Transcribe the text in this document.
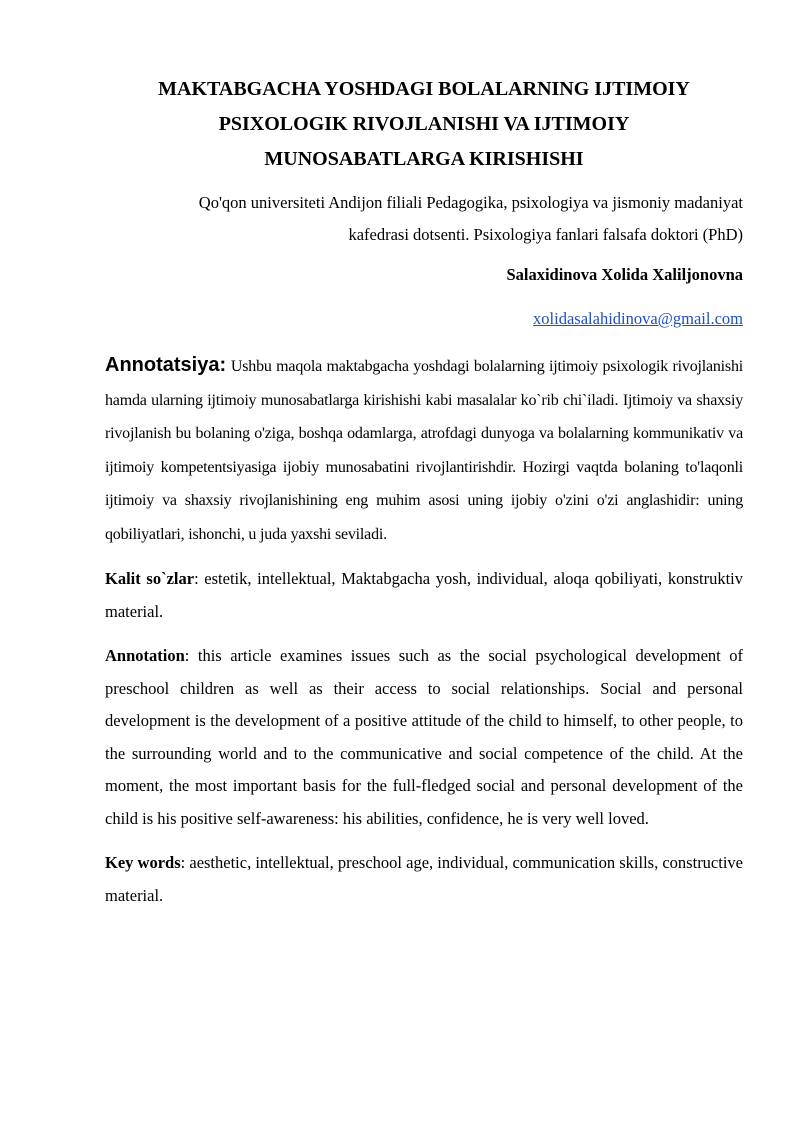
MAKTABGACHA YOSHDAGI BOLALARNING IJTIMOIY
PSIXOLOGIK RIVOJLANISHI VA IJTIMOIY
MUNOSABATLARGA KIRISHISHI

Qo'qon universiteti Andijon filiali Pedagogika, psixologiya va jismoniy madaniyat

kafedrasi dotsenti. Psixologiya fanlari falsafa doktori (PhD)

Salaxidinova Xolida Xaliljonovna

xolidasalahidinova@gmail.com

Annotatsiya: Ushbu maqola maktabgacha yoshdagi bolalarning ijtimoiy psixologik rivojlanishi hamda ularning ijtimoiy munosabatlarga kirishishi kabi masalalar ko`rib chi`iladi. Ijtimoiy va shaxsiy rivojlanish bu bolaning o'ziga, boshqa odamlarga, atrofdagi dunyoga va bolalarning kommunikativ va ijtimoiy kompetentsiyasiga ijobiy munosabatini rivojlantirishdir. Hozirgi vaqtda bolaning to'laqonli ijtimoiy va shaxsiy rivojlanishining eng muhim asosi uning ijobiy o'zini o'zi anglashidir: uning qobiliyatlari, ishonchi, u juda yaxshi seviladi.

Kalit so`zlar: estetik, intellektual, Maktabgacha yosh, individual, aloqa qobiliyati, konstruktiv material.

Annotation: this article examines issues such as the social psychological development of preschool children as well as their access to social relationships. Social and personal development is the development of a positive attitude of the child to himself, to other people, to the surrounding world and to the communicative and social competence of the child. At the moment, the most important basis for the full-fledged social and personal development of the child is his positive self-awareness: his abilities, confidence, he is very well loved.

Key words: aesthetic, intellektual, preschool age, individual, communication skills, constructive material.
